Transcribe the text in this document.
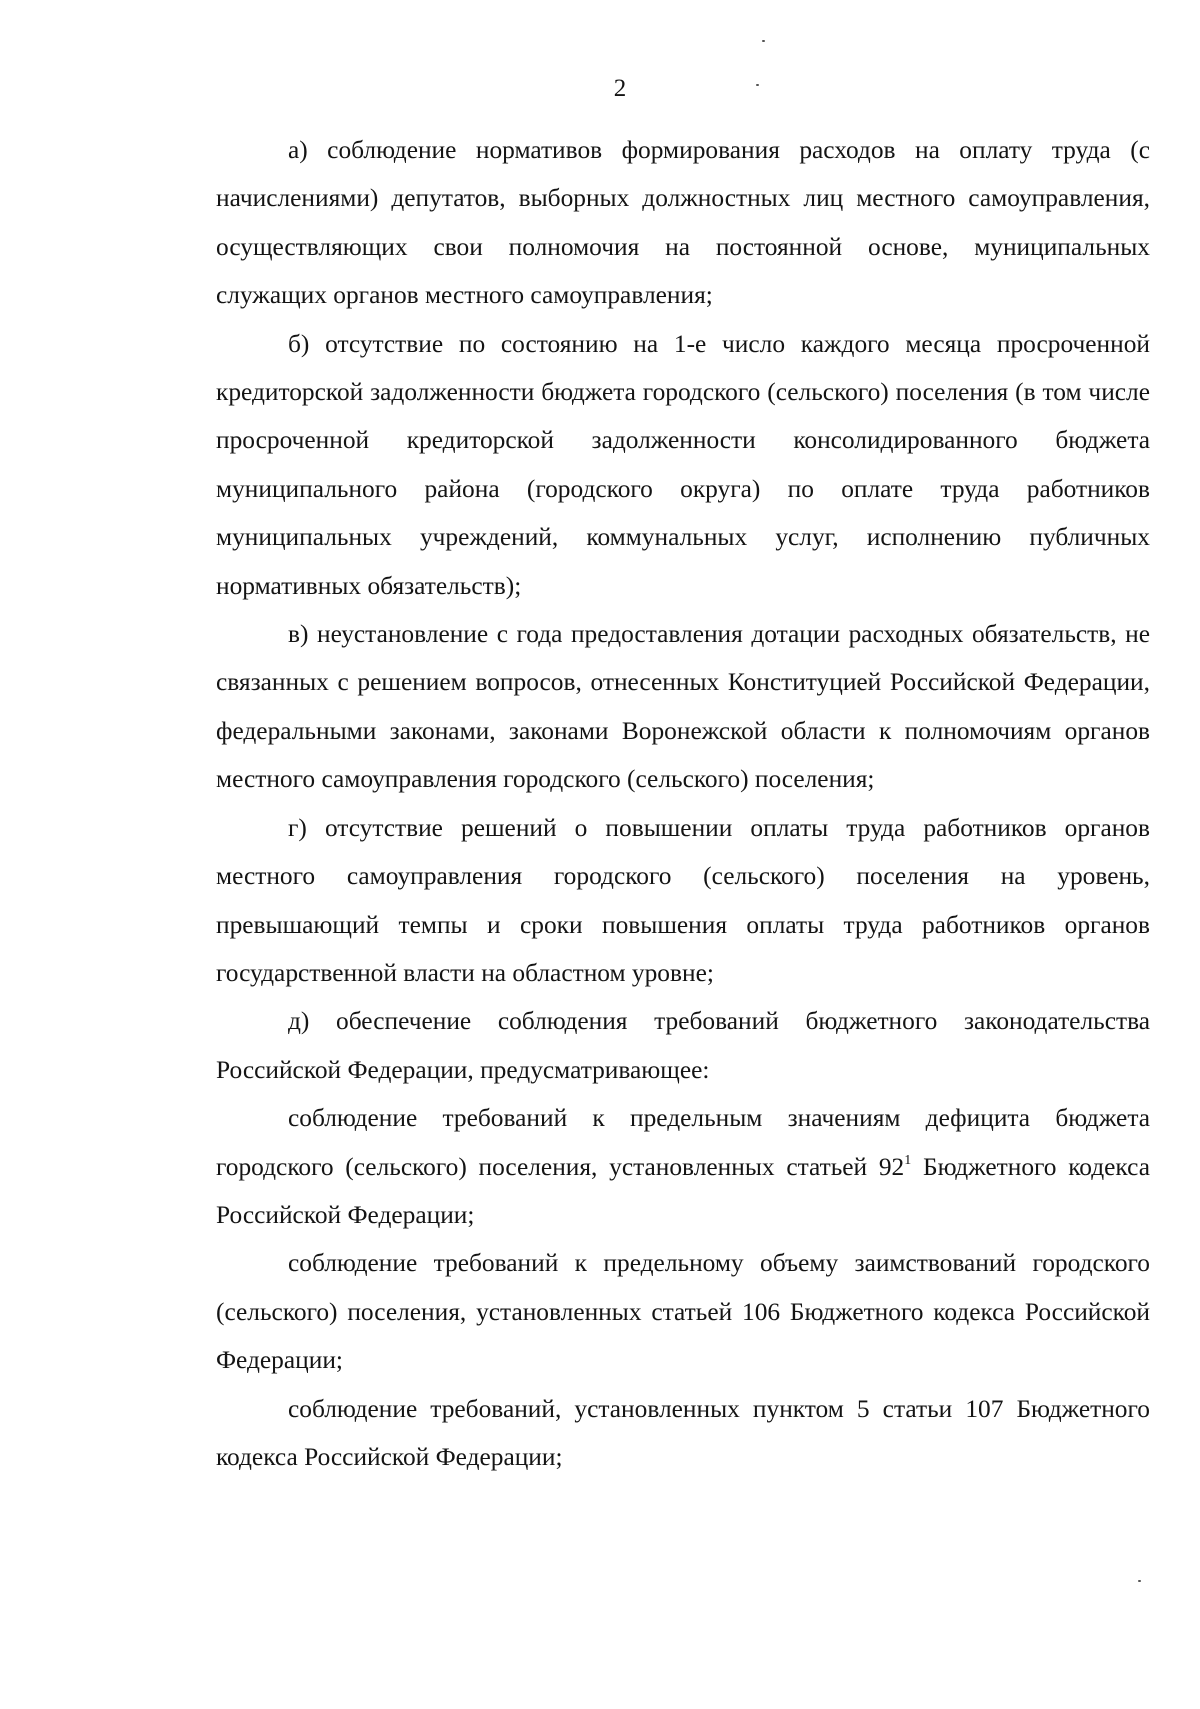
2

а) соблюдение нормативов формирования расходов на оплату труда (с начислениями) депутатов, выборных должностных лиц местного самоуправления, осуществляющих свои полномочия на постоянной основе, муниципальных служащих органов местного самоуправления;

б) отсутствие по состоянию на 1-е число каждого месяца просроченной кредиторской задолженности бюджета городского (сельского) поселения (в том числе просроченной кредиторской задолженности консолидированного бюджета муниципального района (городского округа) по оплате труда работников муниципальных учреждений, коммунальных услуг, исполнению публичных нормативных обязательств);

в) неустановление с года предоставления дотации расходных обязательств, не связанных с решением вопросов, отнесенных Конституцией Российской Федерации, федеральными законами, законами Воронежской области к полномочиям органов местного самоуправления городского (сельского) поселения;

г) отсутствие решений о повышении оплаты труда работников органов местного самоуправления городского (сельского) поселения на уровень, превышающий темпы и сроки повышения оплаты труда работников органов государственной власти на областном уровне;

д) обеспечение соблюдения требований бюджетного законодательства Российской Федерации, предусматривающее:

соблюдение требований к предельным значениям дефицита бюджета городского (сельского) поселения, установленных статьей $92^1$ Бюджетного кодекса Российской Федерации;

соблюдение требований к предельному объему заимствований городского (сельского) поселения, установленных статьей 106 Бюджетного кодекса Российской Федерации;

соблюдение требований, установленных пунктом 5 статьи 107 Бюджетного кодекса Российской Федерации;
